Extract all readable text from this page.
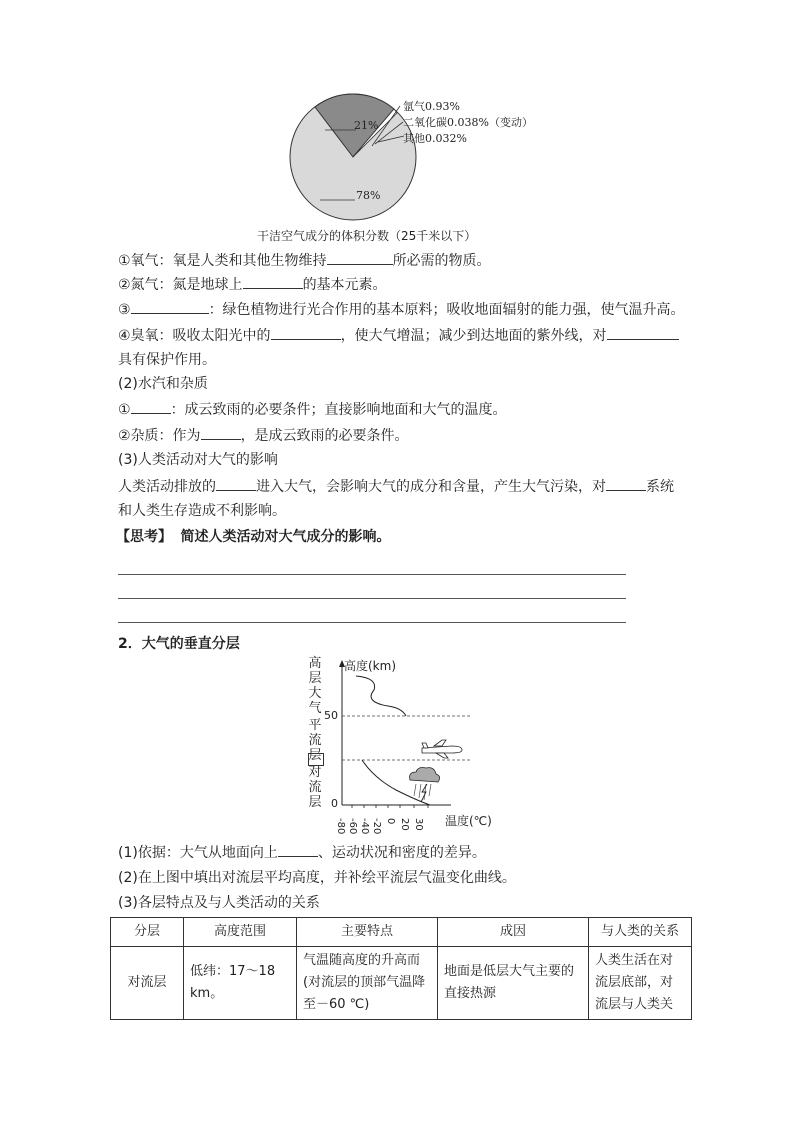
21%
78%
氩气0.93%
二氧化碳0.038%（变动）
其他0.032%
干洁空气成分的体积分数（25千米以下）
①氧气：氧是人类和其他生物维持	所必需的物质。
②氮气：氮是地球上	的基本元素。
③	：绿色植物进行光合作用的基本原料；吸收地面辐射的能力强，使气温升高。
④臭氧：吸收太阳光中的	，使大气增温；减少到达地面的紫外线，对
具有保护作用。
(2)水汽和杂质
①	：成云致雨的必要条件；直接影响地面和大气的温度。
②杂质：作为	，是成云致雨的必要条件。
(3)人类活动对大气的影响
人类活动排放的	进入大气，会影响大气的成分和含量，产生大气污染，对	系统
和人类生存造成不利影响。
【思考】 简述人类活动对大气成分的影响。
2．大气的垂直分层
高层大气
平流层
对流层
高度(km)
50
0
温度(℃)
-80 -60 -40 -20 0 20 30
(1)依据：大气从地面向上	、运动状况和密度的差异。
(2)在上图中填出对流层平均高度，并补绘平流层气温变化曲线。
(3)各层特点及与人类活动的关系
分层	高度范围	主要特点	成因	与人类的关系
对流层	低纬：17～18 km。	气温随高度的升高而(对流层的顶部气温降至－60 ℃)	地面是低层大气主要的直接热源	人类生活在对流层底部，对流层与人类关
